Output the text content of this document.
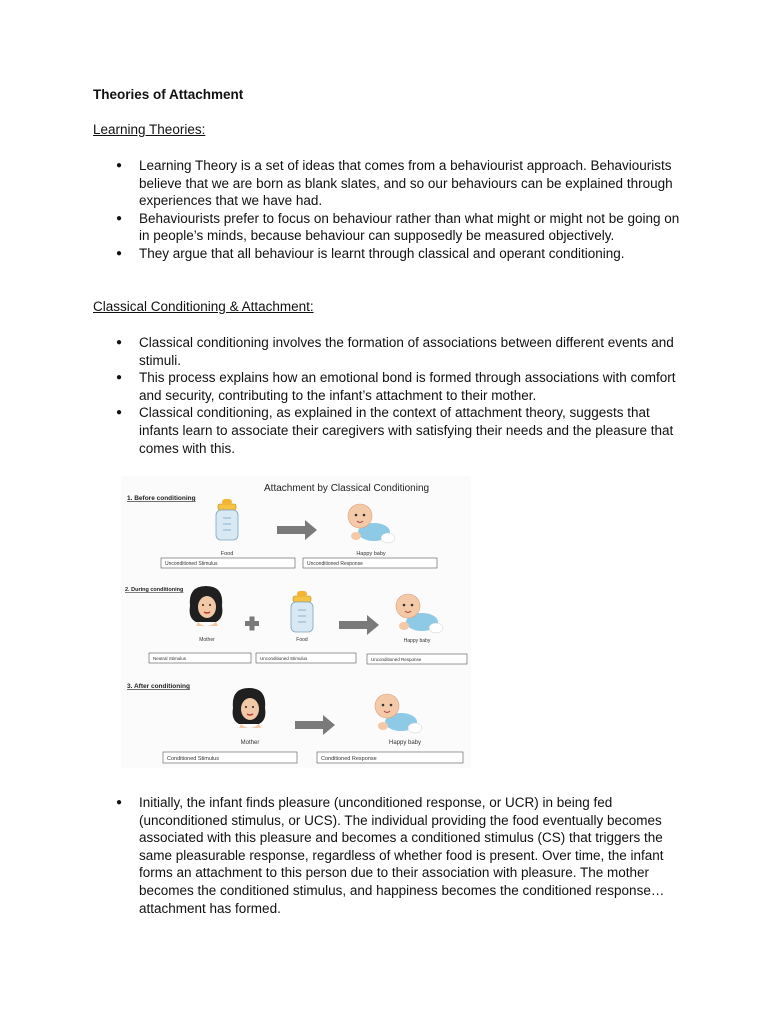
Theories of Attachment
Learning Theories:
● Learning Theory is a set of ideas that comes from a behaviourist approach. Behaviourists believe that we are born as blank slates, and so our behaviours can be explained through experiences that we have had.
● Behaviourists prefer to focus on behaviour rather than what might or might not be going on in people’s minds, because behaviour can supposedly be measured objectively.
● They argue that all behaviour is learnt through classical and operant conditioning.
Classical Conditioning & Attachment:
● Classical conditioning involves the formation of associations between different events and stimuli.
● This process explains how an emotional bond is formed through associations with comfort and security, contributing to the infant’s attachment to their mother.
● Classical conditioning, as explained in the context of attachment theory, suggests that infants learn to associate their caregivers with satisfying their needs and the pleasure that comes with this.
Attachment by Classical Conditioning
1. Before conditioning
Food	Happy baby
Unconditioned Stimulus	Unconditioned Response
2. During conditioning
Mother	Food	Happy baby
Neutral Stimulus	Unconditioned Stimulus	Unconditioned Response
3. After conditioning
Mother	Happy baby
Conditioned Stimulus	Conditioned Response
● Initially, the infant finds pleasure (unconditioned response, or UCR) in being fed (unconditioned stimulus, or UCS). The individual providing the food eventually becomes associated with this pleasure and becomes a conditioned stimulus (CS) that triggers the same pleasurable response, regardless of whether food is present. Over time, the infant forms an attachment to this person due to their association with pleasure. The mother becomes the conditioned stimulus, and happiness becomes the conditioned response…attachment has formed.
